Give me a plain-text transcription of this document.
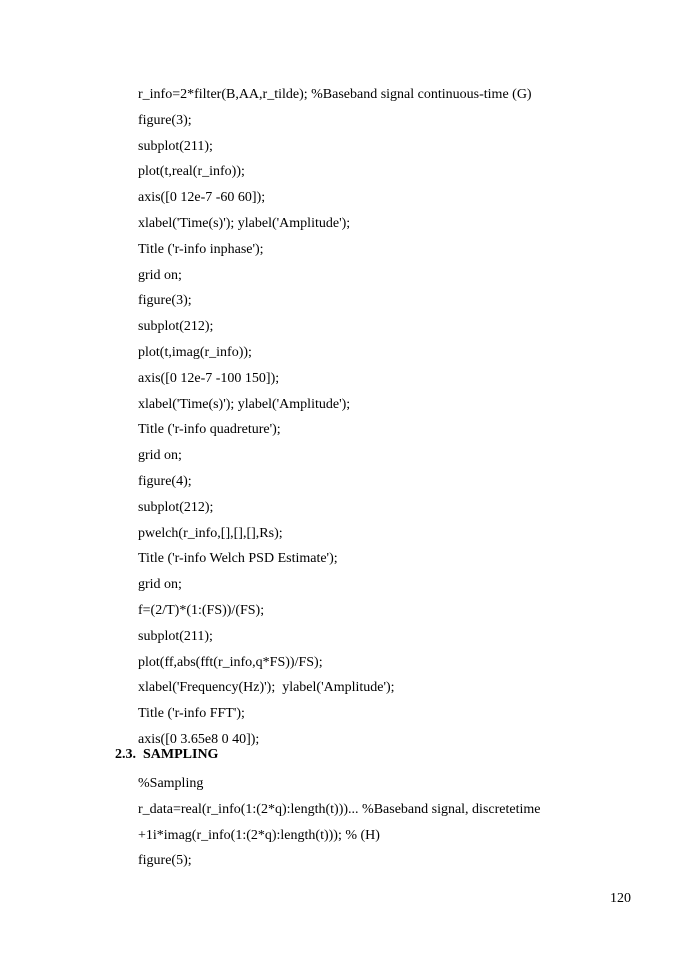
r_info=2*filter(B,AA,r_tilde); %Baseband signal continuous-time (G)
figure(3);
subplot(211);
plot(t,real(r_info));
axis([0 12e-7 -60 60]);
xlabel('Time(s)'); ylabel('Amplitude');
Title ('r-info inphase');
grid on;
figure(3);
subplot(212);
plot(t,imag(r_info));
axis([0 12e-7 -100 150]);
xlabel('Time(s)'); ylabel('Amplitude');
Title ('r-info quadreture');
grid on;
figure(4);
subplot(212);
pwelch(r_info,[],[],[],Rs);
Title ('r-info Welch PSD Estimate');
grid on;
f=(2/T)*(1:(FS))/(FS);
subplot(211);
plot(ff,abs(fft(r_info,q*FS))/FS);
xlabel('Frequency(Hz)');  ylabel('Amplitude');
Title ('r-info FFT');
axis([0 3.65e8 0 40]);
2.3.  SAMPLING
%Sampling
r_data=real(r_info(1:(2*q):length(t)))... %Baseband signal, discretetime
+1i*imag(r_info(1:(2*q):length(t))); % (H)
figure(5);
120
